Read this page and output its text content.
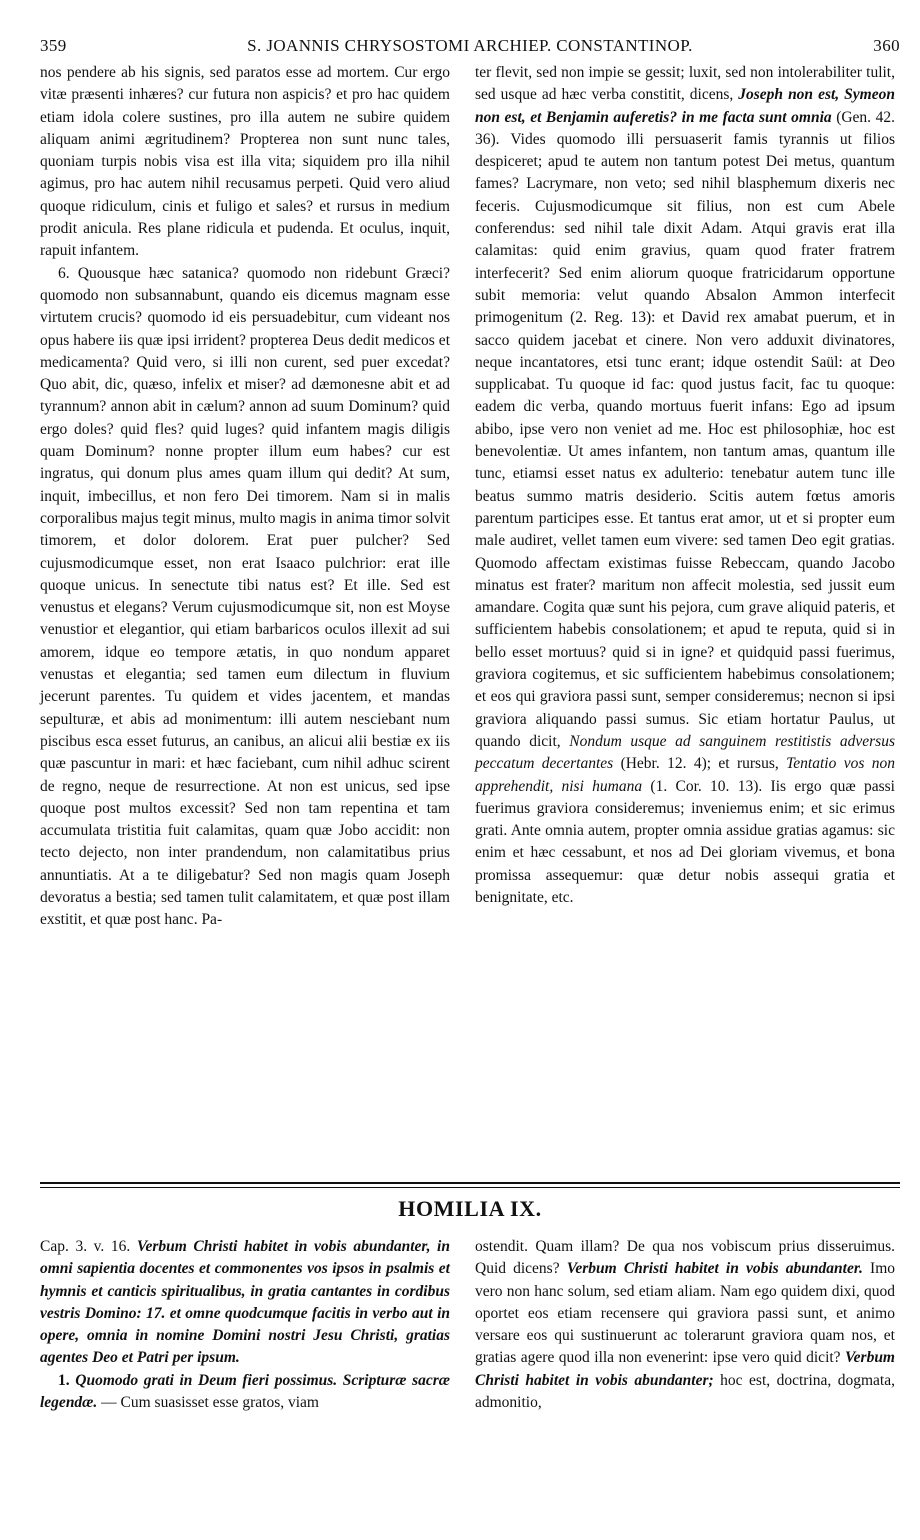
S. JOANNIS CHRYSOSTOMI ARCHIEP. CONSTANTINOP.
359	360

nos pendere ab his signis, sed paratos esse ad mortem. Cur ergo vitæ præsenti inhæres? cur futura non aspicis? et pro hac quidem etiam idola colere sustines, pro illa autem ne subire quidem aliquam animi ægritudinem? Propterea non sunt nunc tales, quoniam turpis nobis visa est illa vita; siquidem pro illa nihil agimus, pro hac autem nihil recusamus perpeti. Quid vero aliud quoque ridiculum, cinis et fuligo et sales? et rursus in medium prodit anicula. Res plane ridicula et pudenda. Et oculus, inquit, rapuit infantem.

6. Quousque hæc satanica? quomodo non ridebunt Græci? quomodo non subsannabunt, quando eis dicemus magnam esse virtutem crucis? quomodo id eis persuadebitur, cum videant nos opus habere iis quæ ipsi irrident? propterea Deus dedit medicos et medicamenta? Quid vero, si illi non curent, sed puer excedat? Quo abit, dic, quæso, infelix et miser? ad dæmonesne abit et ad tyrannum? annon abit in cælum? annon ad suum Dominum? quid ergo doles? quid fles? quid luges? quid infantem magis diligis quam Dominum? nonne propter illum eum habes? cur est ingratus, qui donum plus ames quam illum qui dedit? At sum, inquit, imbecillus, et non fero Dei timorem. Nam si in malis corporalibus majus tegit minus, multo magis in anima timor solvit timorem, et dolor dolorem. Erat puer pulcher? Sed cujusmodicumque esset, non erat Isaaco pulchrior: erat ille quoque unicus. In senectute tibi natus est? Et ille. Sed est venustus et elegans? Verum cujusmodicumque sit, non est Moyse venustior et elegantior, qui etiam barbaricos oculos illexit ad sui amorem, idque eo tempore ætatis, in quo nondum apparet venustas et elegantia; sed tamen eum dilectum in fluvium jecerunt parentes. Tu quidem et vides jacentem, et mandas sepulturæ, et abis ad monimentum: illi autem nesciebant num piscibus esca esset futurus, an canibus, an alicui alii bestiæ ex iis quæ pascuntur in mari: et hæc faciebant, cum nihil adhuc scirent de regno, neque de resurrectione. At non est unicus, sed ipse quoque post multos excessit? Sed non tam repentina et tam accumulata tristitia fuit calamitas, quam quæ Jobo accidit: non tecto dejecto, non inter prandendum, non calamitatibus prius annuntiatis. At a te diligebatur? Sed non magis quam Joseph devoratus a bestia; sed tamen tulit calamitatem, et quæ post illam exstitit, et quæ post hanc. Pa-

ter flevit, sed non impie se gessit; luxit, sed non intolerabiliter tulit, sed usque ad hæc verba constitit, dicens, Joseph non est, Symeon non est, et Benjamin auferetis? in me facta sunt omnia (Gen. 42. 36). Vides quomodo illi persuaserit famis tyrannis ut filios despiceret; apud te autem non tantum potest Dei metus, quantum fames? Lacrymare, non veto; sed nihil blasphemum dixeris nec feceris. Cujusmodicumque sit filius, non est cum Abele conferendus: sed nihil tale dixit Adam. Atqui gravis erat illa calamitas: quid enim gravius, quam quod frater fratrem interfecerit? Sed enim aliorum quoque fratricidarum opportune subit memoria: velut quando Absalon Ammon interfecit primogenitum (2. Reg. 13): et David rex amabat puerum, et in sacco quidem jacebat et cinere. Non vero adduxit divinatores, neque incantatores, etsi tunc erant; idque ostendit Saül: at Deo supplicabat. Tu quoque id fac: quod justus facit, fac tu quoque: eadem dic verba, quando mortuus fuerit infans: Ego ad ipsum abibo, ipse vero non veniet ad me. Hoc est philosophiæ, hoc est benevolentiæ. Ut ames infantem, non tantum amas, quantum ille tunc, etiamsi esset natus ex adulterio: tenebatur autem tunc ille beatus summo matris desiderio. Scitis autem fœtus amoris parentum participes esse. Et tantus erat amor, ut et si propter eum male audiret, vellet tamen eum vivere: sed tamen Deo egit gratias. Quomodo affectam existimas fuisse Rebeccam, quando Jacobo minatus est frater? maritum non affecit molestia, sed jussit eum amandare. Cogita quæ sunt his pejora, cum grave aliquid pateris, et sufficientem habebis consolationem; et apud te reputa, quid si in bello esset mortuus? quid si in igne? et quidquid passi fuerimus, graviora cogitemus, et sic sufficientem habebimus consolationem; et eos qui graviora passi sunt, semper consideremus; necnon si ipsi graviora aliquando passi sumus. Sic etiam hortatur Paulus, ut quando dicit, Nondum usque ad sanguinem restitistis adversus peccatum decertantes (Hebr. 12. 4); et rursus, Tentatio vos non apprehendit, nisi humana (1. Cor. 10. 13). Iis ergo quæ passi fuerimus graviora consideremus; inveniemus enim; et sic erimus grati. Ante omnia autem, propter omnia assidue gratias agamus: sic enim et hæc cessabunt, et nos ad Dei gloriam vivemus, et bona promissa assequemur: quæ detur nobis assequi gratia et benignitate, etc.

HOMILIA IX.

Cap. 3. v. 16. Verbum Christi habitet in vobis abundanter, in omni sapientia docentes et commonentes vos ipsos in psalmis et hymnis et canticis spiritualibus, in gratia cantantes in cordibus vestris Domino: 17. et omne quodcumque facitis in verbo aut in opere, omnia in nomine Domini nostri Jesu Christi, gratias agentes Deo et Patri per ipsum.

1. Quomodo grati in Deum fieri possimus. Scripturæ sacræ legendæ. — Cum suasisset esse gratos, viam

ostendit. Quam illam? De qua nos vobiscum prius disseruimus. Quid dicens? Verbum Christi habitet in vobis abundanter. Imo vero non hanc solum, sed etiam aliam. Nam ego quidem dixi, quod oportet eos etiam recensere qui graviora passi sunt, et animo versare eos qui sustinuerunt ac tolerarunt graviora quam nos, et gratias agere quod illa non evenerint: ipse vero quid dicit? Verbum Christi habitet in vobis abundanter; hoc est, doctrina, dogmata, admonitio,
